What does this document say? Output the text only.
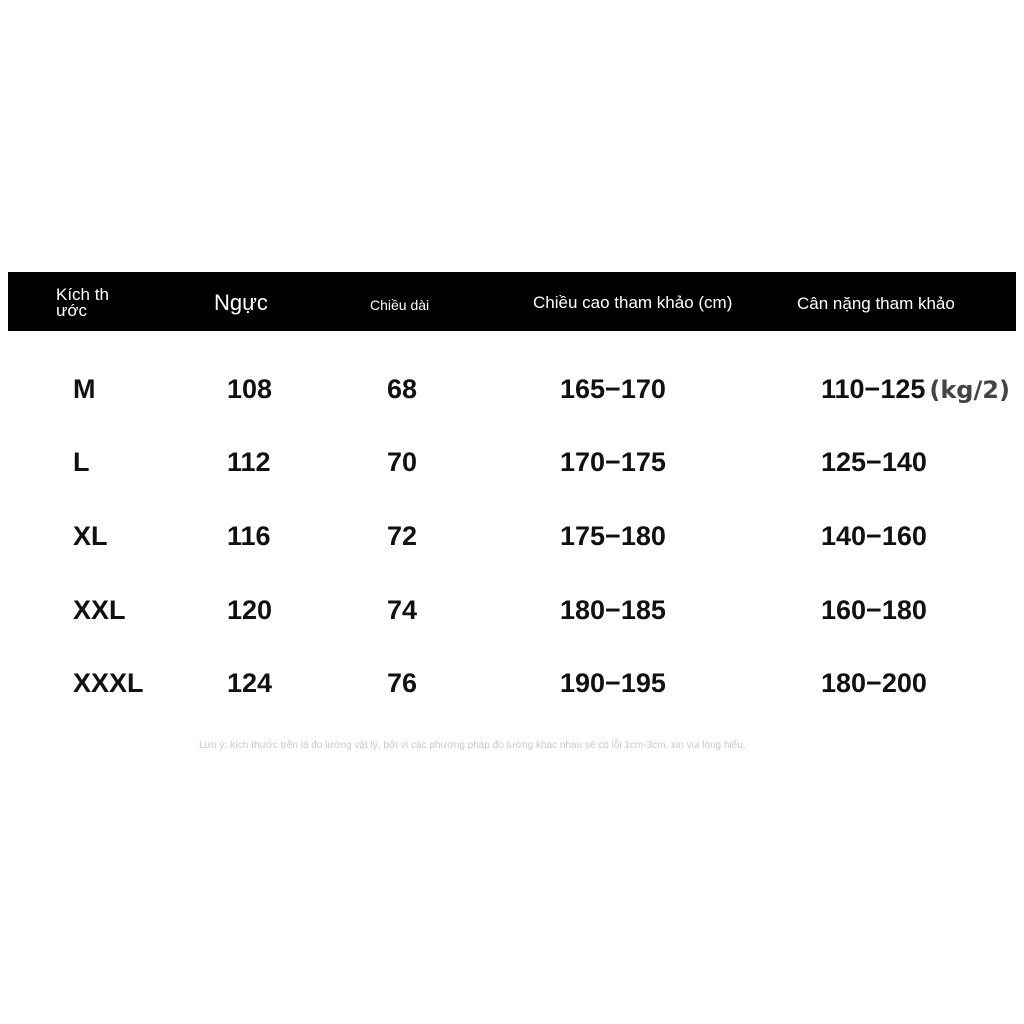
Kích th ước	Ngực	Chiều dài	Chiều cao tham khảo (cm)	Cân nặng tham khảo
M	108	68	165−170	110−125 (kg/2)
L	112	70	170−175	125−140
XL	116	72	175−180	140−160
XXL	120	74	180−185	160−180
XXXL	124	76	190−195	180−200
Lưu ý: kích thước trên là đo lường vật lý, bởi vì các phương pháp đo lường khác nhau sẽ có lỗi 1cm-3cm, xin vui lòng hiểu.
